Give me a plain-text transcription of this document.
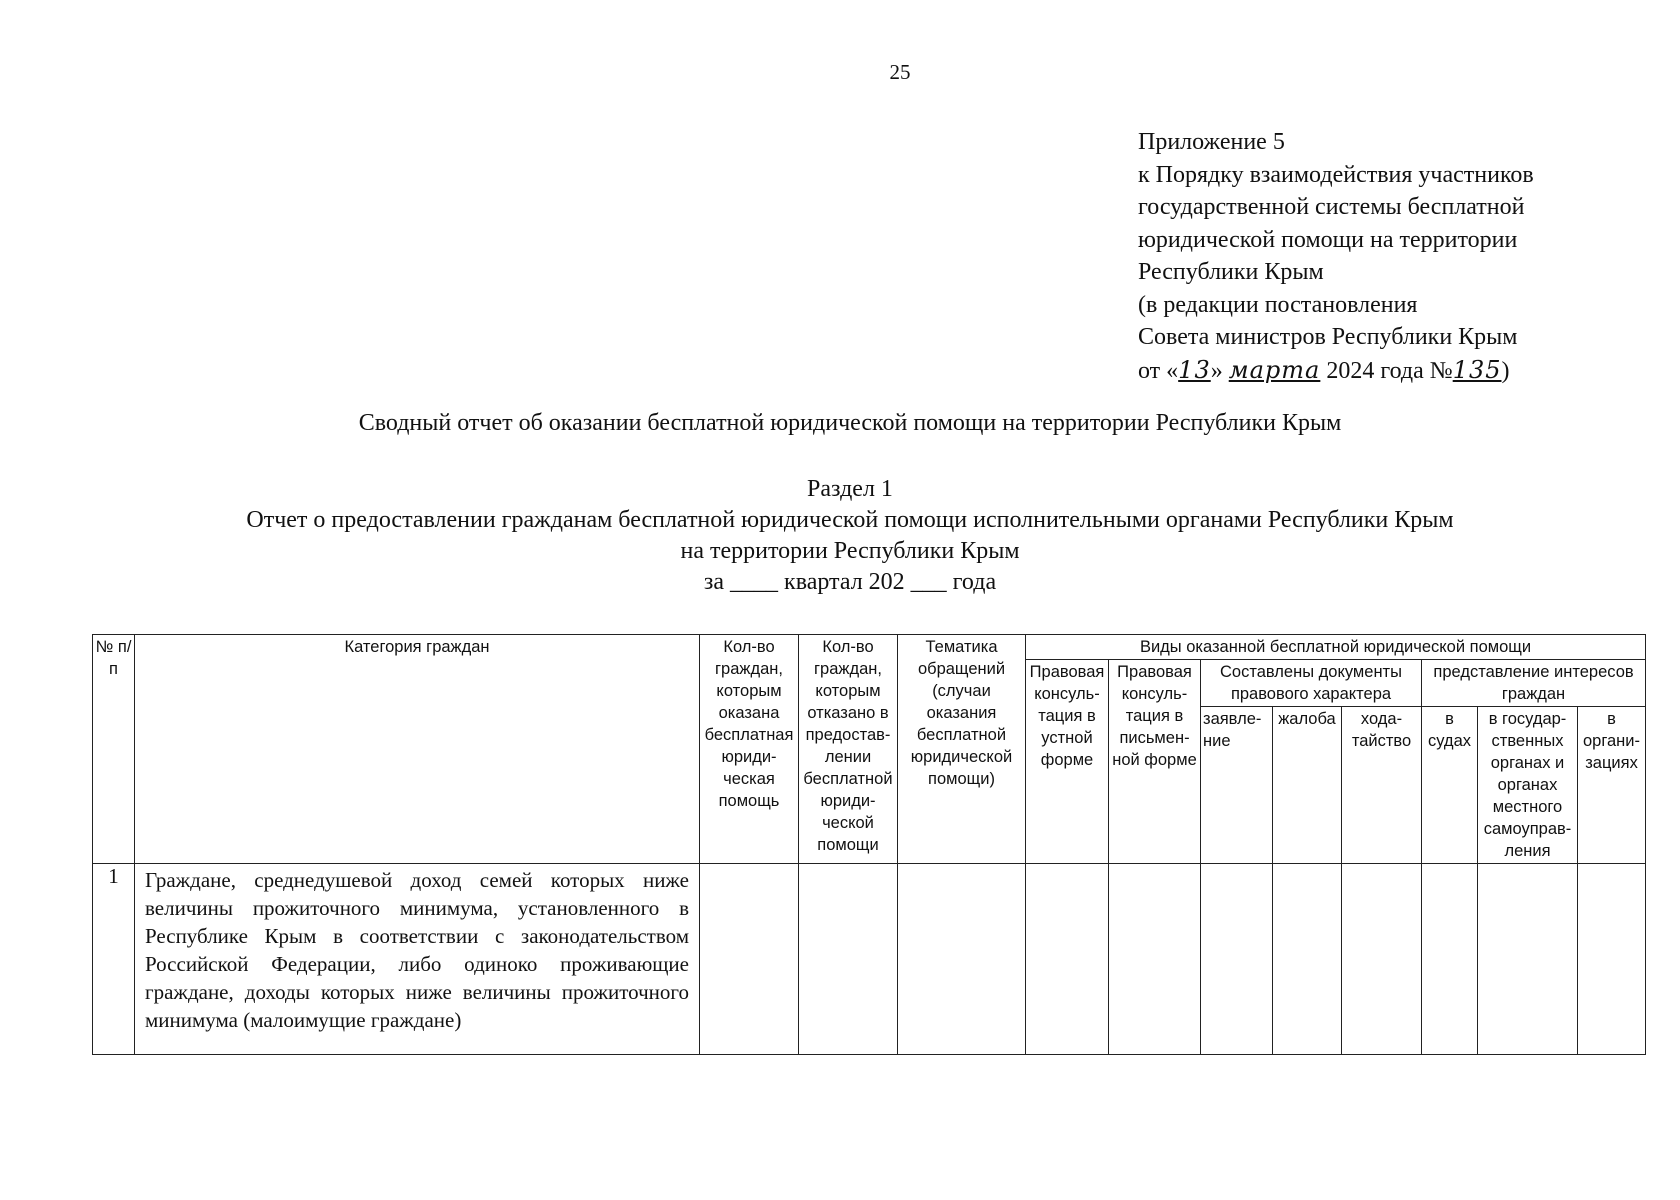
25
Приложение 5
к Порядку взаимодействия участников
государственной системы бесплатной
юридической помощи на территории
Республики Крым
(в редакции постановления
Совета министров Республики Крым
от «13» марта 2024 года №135)
Сводный отчет об оказании бесплатной юридической помощи на территории Республики Крым
Раздел 1
Отчет о предоставлении гражданам бесплатной юридической помощи исполнительными органами Республики Крым
на территории Республики Крым
за ____ квартал 202 ___ года
№ п/п	Категория граждан	Кол-во граждан, которым оказана бесплатная юриди-ческая помощь	Кол-во граждан, которым отказано в предостав-лении бесплатной юриди-ческой помощи	Тематика обращений (случаи оказания бесплатной юридической помощи)	Виды оказанной бесплатной юридической помощи							
					Правовая консуль-тация в устной форме	Правовая консуль-тация в письмен-ной форме	Составлены документы правового характера			представление интересов граждан		
							заявле-ние	жалоба	хода-тайство	в судах	в государ-ственных органах и органах местного самоуправ-ления	в органи-зациях
1	Граждане, среднедушевой доход семей которых ниже величины прожиточного минимума, установленного в Республике Крым в соответствии с законодательством Российской Федерации, либо одиноко проживающие граждане, доходы которых ниже величины прожиточного минимума (малоимущие граждане)											
